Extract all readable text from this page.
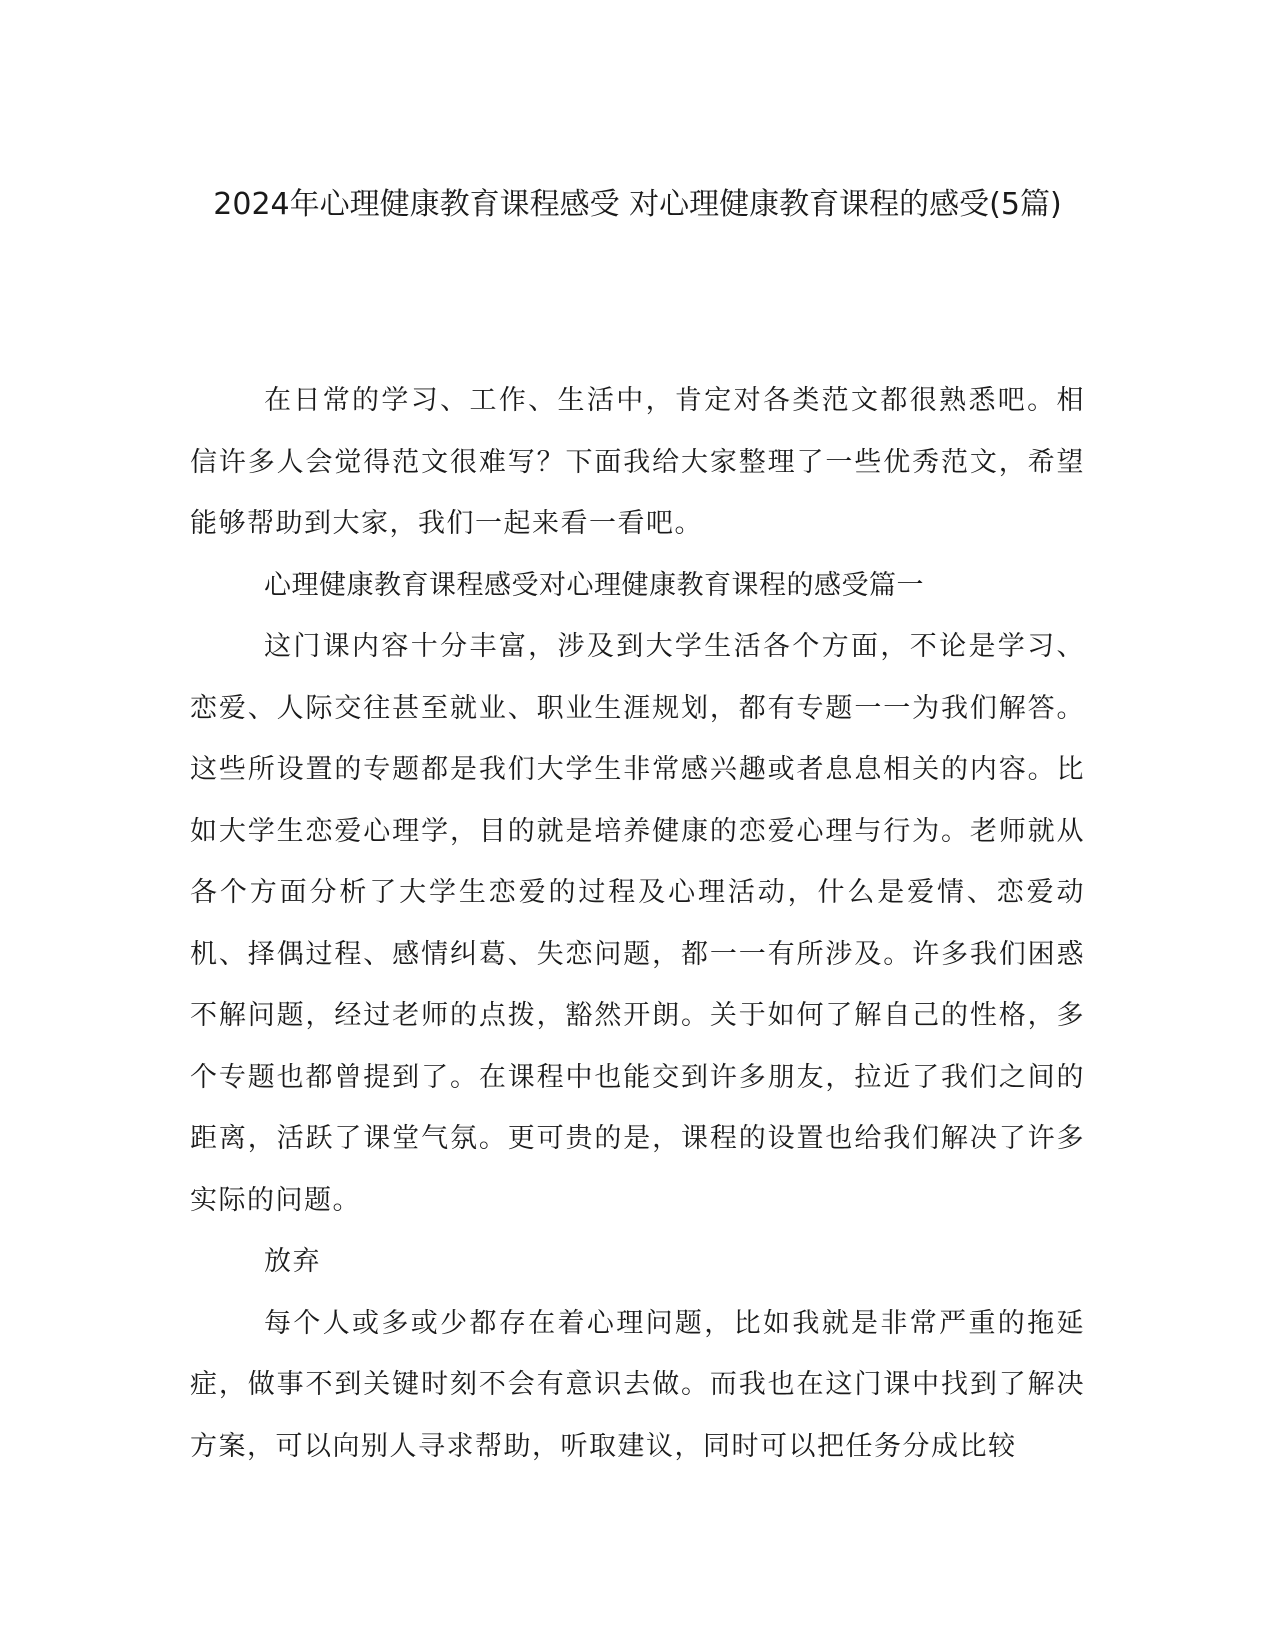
2024年心理健康教育课程感受 对心理健康教育课程的感受(5篇)

在日常的学习、工作、生活中，肯定对各类范文都很熟悉吧。相信许多人会觉得范文很难写？下面我给大家整理了一些优秀范文，希望能够帮助到大家，我们一起来看一看吧。

心理健康教育课程感受对心理健康教育课程的感受篇一

这门课内容十分丰富，涉及到大学生活各个方面，不论是学习、恋爱、人际交往甚至就业、职业生涯规划，都有专题一一为我们解答。这些所设置的专题都是我们大学生非常感兴趣或者息息相关的内容。比如大学生恋爱心理学，目的就是培养健康的恋爱心理与行为。老师就从各个方面分析了大学生恋爱的过程及心理活动，什么是爱情、恋爱动机、择偶过程、感情纠葛、失恋问题，都一一有所涉及。许多我们困惑不解问题，经过老师的点拨，豁然开朗。关于如何了解自己的性格，多个专题也都曾提到了。在课程中也能交到许多朋友，拉近了我们之间的距离，活跃了课堂气氛。更可贵的是，课程的设置也给我们解决了许多实际的问题。

放弃

每个人或多或少都存在着心理问题，比如我就是非常严重的拖延症，做事不到关键时刻不会有意识去做。而我也在这门课中找到了解决方案，可以向别人寻求帮助，听取建议，同时可以把任务分成比较
